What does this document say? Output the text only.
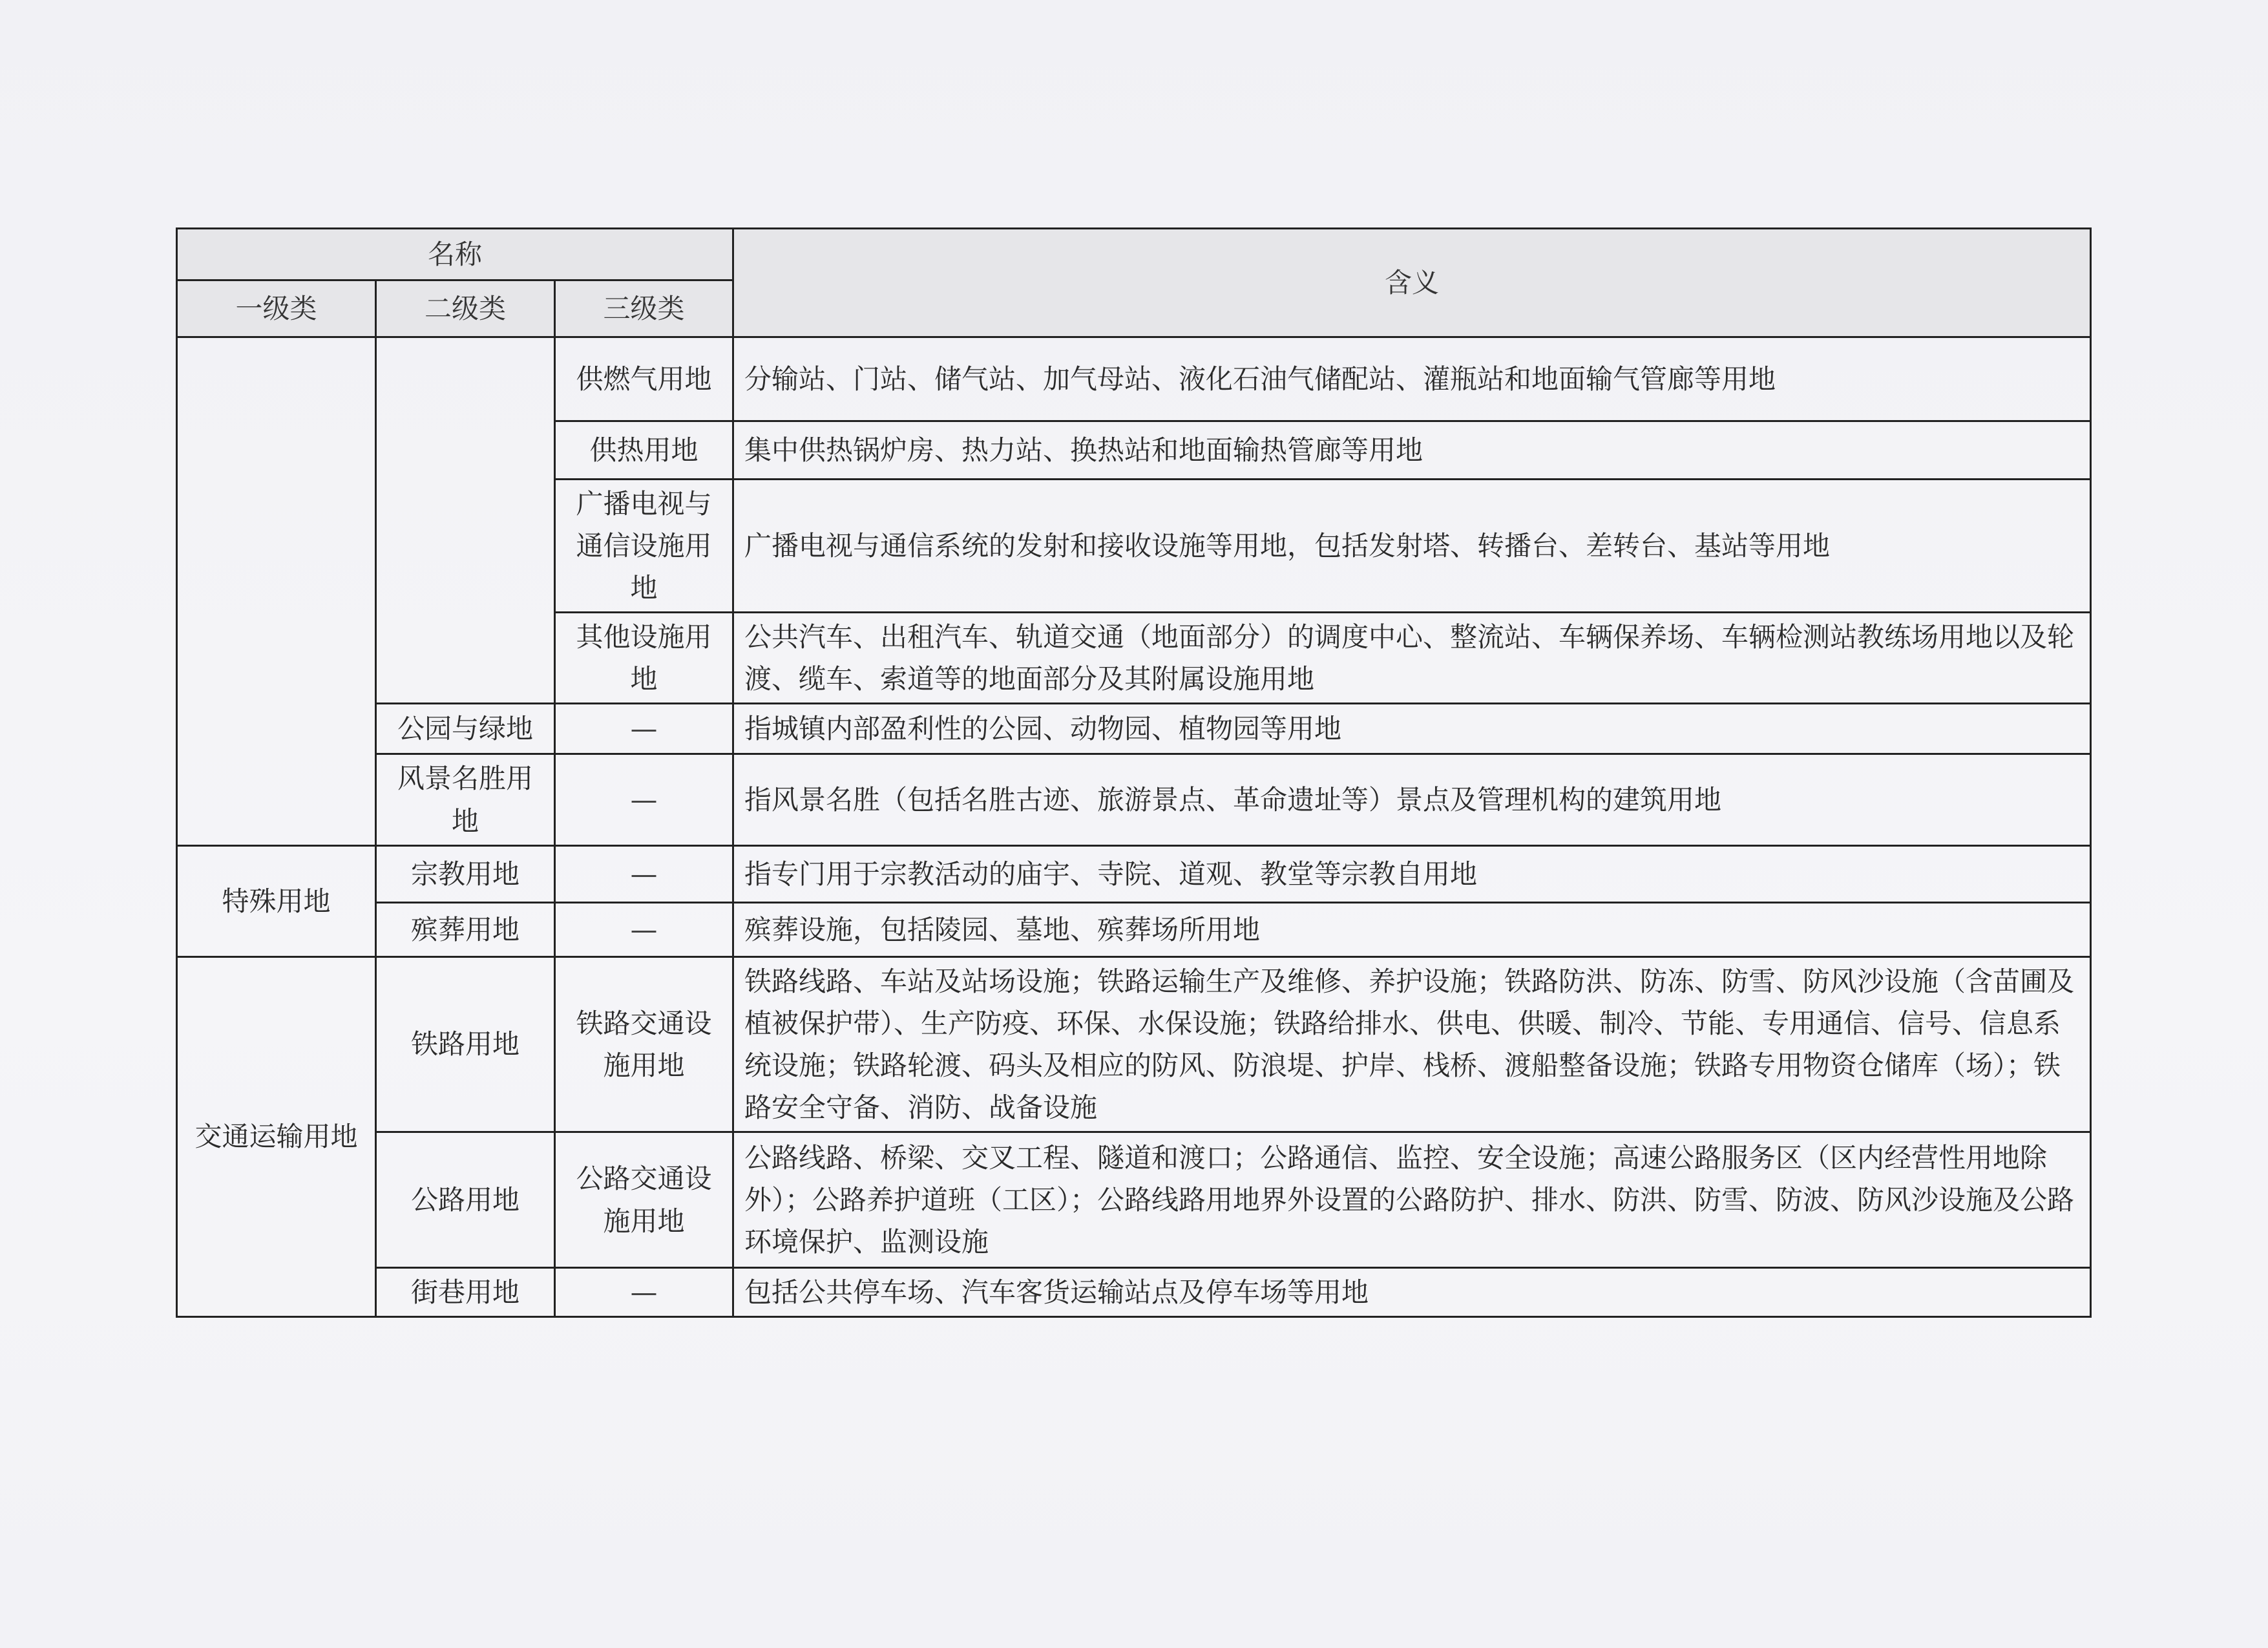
名称			含义
一级类	二级类	三级类	
		供燃气用地	分输站、门站、储气站、加气母站、液化石油气储配站、灌瓶站和地面输气管廊等用地
		供热用地	集中供热锅炉房、热力站、换热站和地面输热管廊等用地
		广播电视与通信设施用地	广播电视与通信系统的发射和接收设施等用地，包括发射塔、转播台、差转台、基站等用地
		其他设施用地	公共汽车、出租汽车、轨道交通（地面部分）的调度中心、整流站、车辆保养场、车辆检测站教练场用地以及轮渡、缆车、索道等的地面部分及其附属设施用地
	公园与绿地	—	指城镇内部盈利性的公园、动物园、植物园等用地
	风景名胜用地	—	指风景名胜（包括名胜古迹、旅游景点、革命遗址等）景点及管理机构的建筑用地
特殊用地	宗教用地	—	指专门用于宗教活动的庙宇、寺院、道观、教堂等宗教自用地
	殡葬用地	—	殡葬设施，包括陵园、墓地、殡葬场所用地
交通运输用地	铁路用地	铁路交通设施用地	铁路线路、车站及站场设施；铁路运输生产及维修、养护设施；铁路防洪、防冻、防雪、防风沙设施（含苗圃及植被保护带）、生产防疫、环保、水保设施；铁路给排水、供电、供暖、制冷、节能、专用通信、信号、信息系统设施；铁路轮渡、码头及相应的防风、防浪堤、护岸、栈桥、渡船整备设施；铁路专用物资仓储库（场）；铁路安全守备、消防、战备设施
	公路用地	公路交通设施用地	公路线路、桥梁、交叉工程、隧道和渡口；公路通信、监控、安全设施；高速公路服务区（区内经营性用地除外）；公路养护道班（工区）；公路线路用地界外设置的公路防护、排水、防洪、防雪、防波、防风沙设施及公路环境保护、监测设施
	街巷用地	—	包括公共停车场、汽车客货运输站点及停车场等用地
